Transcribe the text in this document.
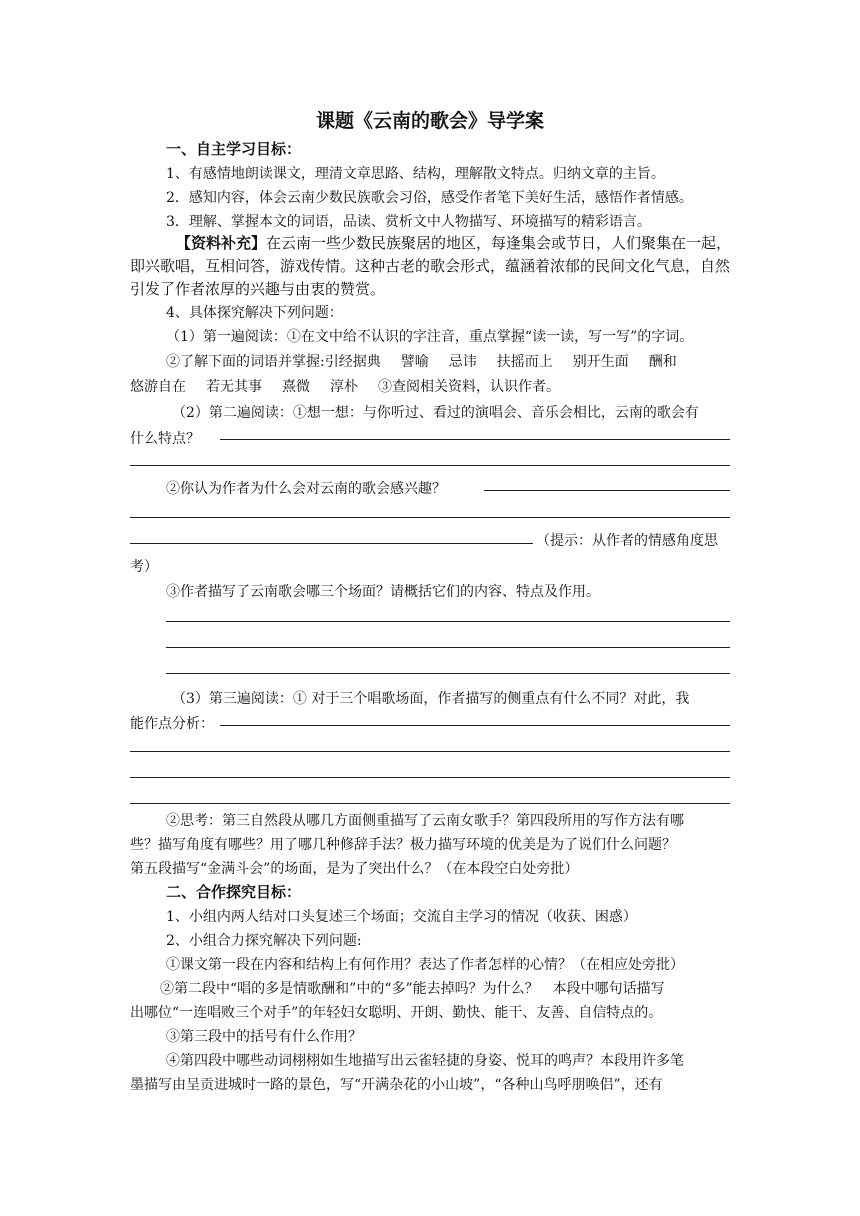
课题《云南的歌会》导学案
一、自主学习目标：
1、有感情地朗读课文，理清文章思路、结构，理解散文特点。归纳文章的主旨。
2．感知内容，体会云南少数民族歌会习俗，感受作者笔下美好生活，感悟作者情感。
3．理解、掌握本文的词语，品读、赏析文中人物描写、环境描写的精彩语言。
【资料补充】在云南一些少数民族聚居的地区，每逢集会或节日，人们聚集在一起，
即兴歌唱，互相问答，游戏传情。这种古老的歌会形式，蕴涵着浓郁的民间文化气息，自然
引发了作者浓厚的兴趣与由衷的赞赏。
4、具体探究解决下列问题：
（1）第一遍阅读：①在文中给不认识的字注音，重点掌握“读一读，写一写”的字词。
②了解下面的词语并掌握:引经据典 譬喻 忌讳 扶摇而上 别开生面 酬和
悠游自在 若无其事 熹微 淳朴 ③查阅相关资料，认识作者。
（2）第二遍阅读：①想一想：与你听过、看过的演唱会、音乐会相比，云南的歌会有
什么特点？
②你认为作者为什么会对云南的歌会感兴趣？
（提示：从作者的情感角度思
考）
③作者描写了云南歌会哪三个场面？请概括它们的内容、特点及作用。
（3）第三遍阅读：① 对于三个唱歌场面，作者描写的侧重点有什么不同？对此，我
能作点分析：
②思考：第三自然段从哪几方面侧重描写了云南女歌手？第四段所用的写作方法有哪
些？描写角度有哪些？用了哪几种修辞手法？极力描写环境的优美是为了说们什么问题？
第五段描写“金满斗会”的场面，是为了突出什么？（在本段空白处旁批）
二、合作探究目标：
1、小组内两人结对口头复述三个场面；交流自主学习的情况（收获、困惑）
2、小组合力探究解决下列问题:
①课文第一段在内容和结构上有何作用？表达了作者怎样的心情？（在相应处旁批）
②第二段中“唱的多是情歌酬和”中的“多”能去掉吗？为什么？　本段中哪句话描写
出哪位“一连唱败三个对手”的年轻妇女聪明、开朗、勤快、能干、友善、自信特点的。
③第三段中的括号有什么作用？
④第四段中哪些动词栩栩如生地描写出云雀轻捷的身姿、悦耳的鸣声？本段用许多笔
墨描写由呈贡进城时一路的景色，写“开满杂花的小山坡”，“各种山鸟呼朋唤侣”，还有
